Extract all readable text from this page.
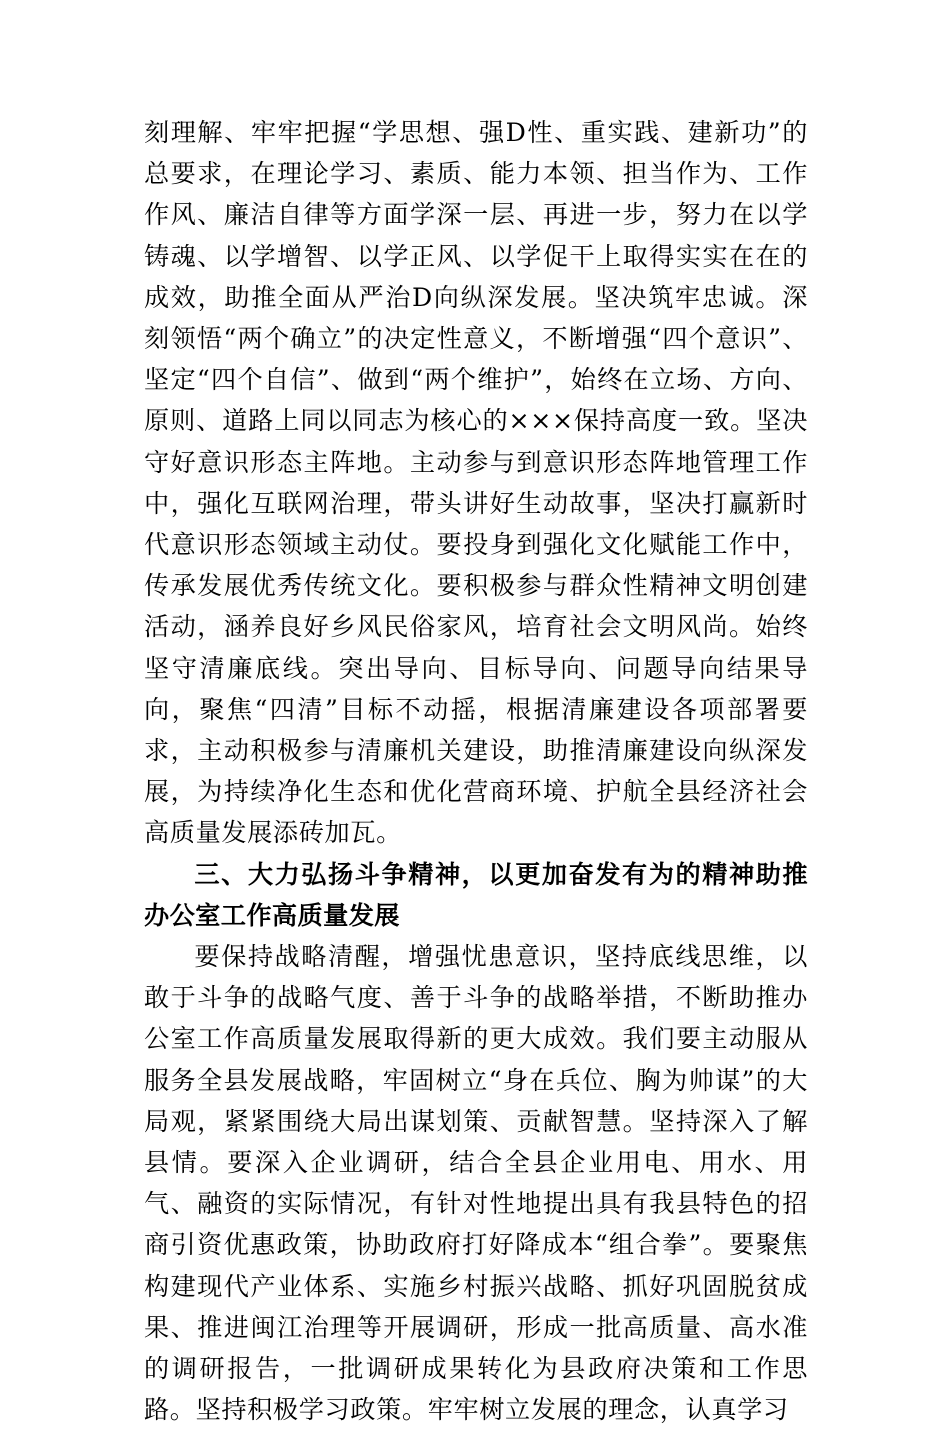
刻理解、牢牢把握“学思想、强D性、重实践、建新功”的总要求，在理论学习、素质、能力本领、担当作为、工作作风、廉洁自律等方面学深一层、再进一步，努力在以学铸魂、以学增智、以学正风、以学促干上取得实实在在的成效，助推全面从严治D向纵深发展。坚决筑牢忠诚。深刻领悟“两个确立”的决定性意义，不断增强“四个意识”、坚定“四个自信”、做到“两个维护”，始终在立场、方向、原则、道路上同以同志为核心的×××保持高度一致。坚决守好意识形态主阵地。主动参与到意识形态阵地管理工作中，强化互联网治理，带头讲好生动故事，坚决打赢新时代意识形态领域主动仗。要投身到强化文化赋能工作中，传承发展优秀传统文化。要积极参与群众性精神文明创建活动，涵养良好乡风民俗家风，培育社会文明风尚。始终坚守清廉底线。突出导向、目标导向、问题导向结果导向，聚焦“四清”目标不动摇，根据清廉建设各项部署要求，主动积极参与清廉机关建设，助推清廉建设向纵深发展，为持续净化生态和优化营商环境、护航全县经济社会高质量发展添砖加瓦。

三、大力弘扬斗争精神，以更加奋发有为的精神助推办公室工作高质量发展

要保持战略清醒，增强忧患意识，坚持底线思维，以敢于斗争的战略气度、善于斗争的战略举措，不断助推办公室工作高质量发展取得新的更大成效。我们要主动服从服务全县发展战略，牢固树立“身在兵位、胸为帅谋”的大局观，紧紧围绕大局出谋划策、贡献智慧。坚持深入了解县情。要深入企业调研，结合全县企业用电、用水、用气、融资的实际情况，有针对性地提出具有我县特色的招商引资优惠政策，协助政府打好降成本“组合拳”。要聚焦构建现代产业体系、实施乡村振兴战略、抓好巩固脱贫成果、推进闽江治理等开展调研，形成一批高质量、高水准的调研报告，一批调研成果转化为县政府决策和工作思路。坚持积极学习政策。牢牢树立发展的理念，认真学习
